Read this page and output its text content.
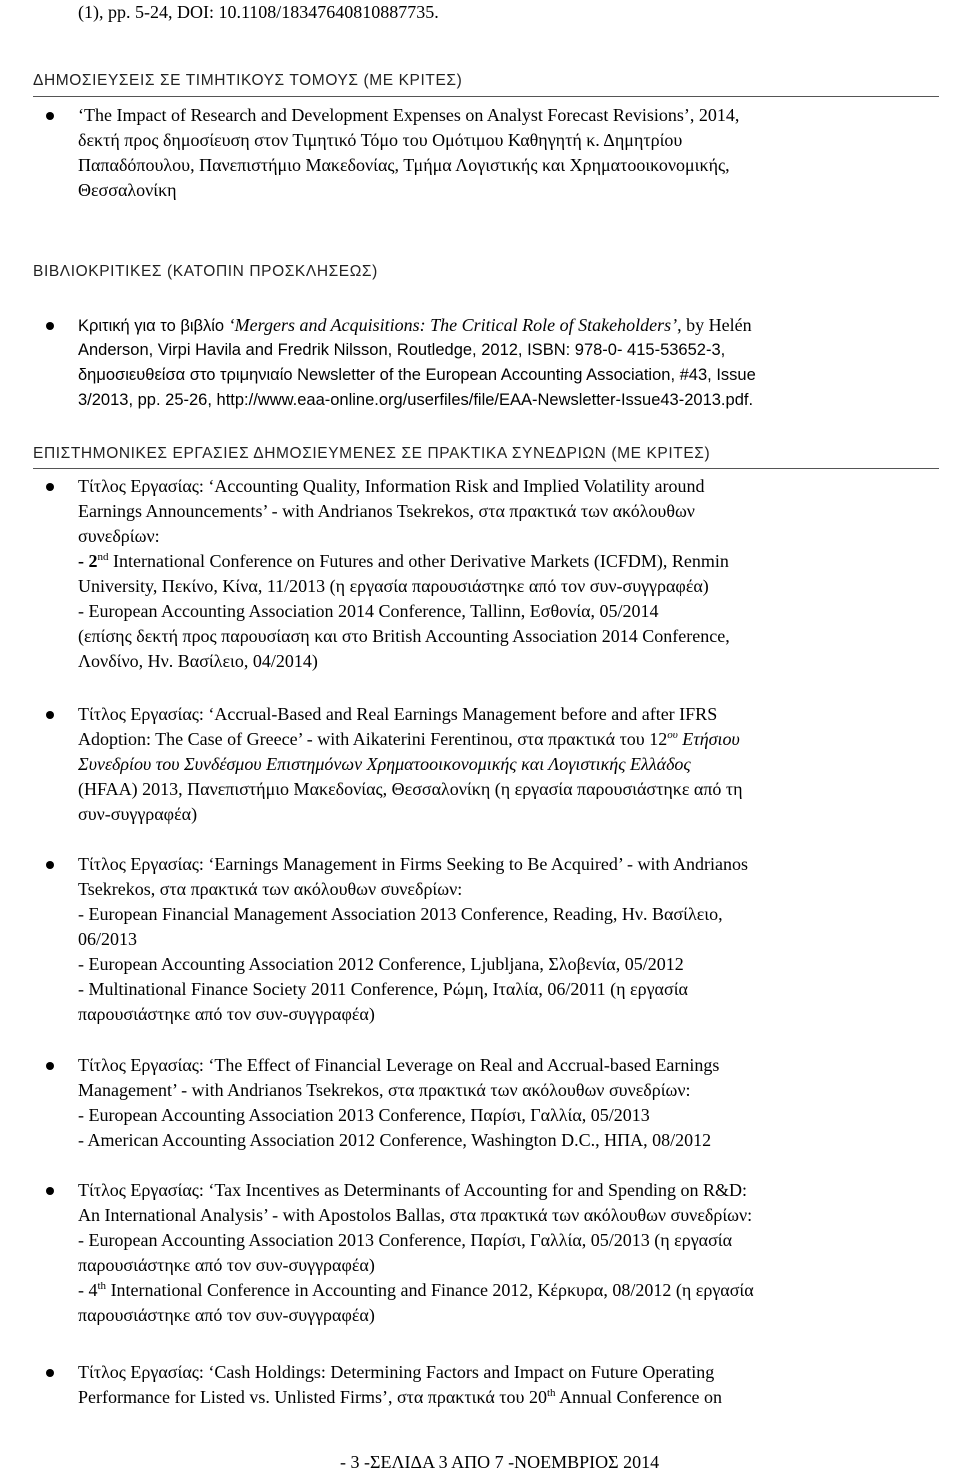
(1), pp. 5-24, DOI: 10.1108/18347640810887735.
ΔΗΜΟΣΙΕΥΣΕΙΣ ΣΕ ΤΙΜΗΤΙΚΟΥΣ ΤΟΜΟΥΣ (ΜΕ ΚΡΙΤΕΣ)
‘The Impact of Research and Development Expenses on Analyst Forecast Revisions’, 2014,
δεκτή προς δημοσίευση στον Τιμητικό Τόμο του Ομότιμου Καθηγητή κ. Δημητρίου
Παπαδόπουλου, Πανεπιστήμιο Μακεδονίας, Τμήμα Λογιστικής και Χρηματοοικονομικής,
Θεσσαλονίκη
ΒΙΒΛΙΟΚΡΙΤΙΚΕΣ (ΚΑΤΟΠΙΝ ΠΡΟΣΚΛΗΣΕΩΣ)
Κριτική για το βιβλίο ‘Mergers and Acquisitions: The Critical Role of Stakeholders’, by Helén
Anderson, Virpi Havila and Fredrik Nilsson, Routledge, 2012, ISBN: 978-0- 415-53652-3,
δημοσιευθείσα στο τριμηνιαίο Newsletter of the European Accounting Association, #43, Issue
3/2013, pp. 25-26, http://www.eaa-online.org/userfiles/file/EAA-Newsletter-Issue43-2013.pdf.
ΕΠΙΣΤΗΜΟΝΙΚΕΣ ΕΡΓΑΣΙΕΣ ΔΗΜΟΣΙΕΥΜΕΝΕΣ ΣΕ ΠΡΑΚΤΙΚΑ ΣΥΝΕΔΡΙΩΝ (ΜΕ ΚΡΙΤΕΣ)
Τίτλος Εργασίας: ‘Accounting Quality, Information Risk and Implied Volatility around
Earnings Announcements’ - with Andrianos Tsekrekos, στα πρακτικά των ακόλουθων
συνεδρίων:
- 2nd International Conference on Futures and other Derivative Markets (ICFDM), Renmin
University, Πεκίνο, Κίνα, 11/2013 (η εργασία παρουσιάστηκε από τον συν-συγγραφέα)
- European Accounting Association 2014 Conference, Tallinn, Εσθονία, 05/2014
(επίσης δεκτή προς παρουσίαση και στο British Accounting Association 2014 Conference,
Λονδίνο, Ην. Βασίλειο, 04/2014)
Τίτλος Εργασίας: ‘Accrual-Based and Real Earnings Management before and after IFRS
Adoption: The Case of Greece’ - with Aikaterini Ferentinou, στα πρακτικά του $12^{o\upsilon}$ Ετήσιου
Συνεδρίου του Συνδέσμου Επιστημόνων Χρηματοοικονομικής και Λογιστικής Ελλάδος
(HFAA) 2013, Πανεπιστήμιο Μακεδονίας, Θεσσαλονίκη (η εργασία παρουσιάστηκε από τη
συν-συγγραφέα)
Τίτλος Εργασίας: ‘Earnings Management in Firms Seeking to Be Acquired’ - with Andrianos
Tsekrekos, στα πρακτικά των ακόλουθων συνεδρίων:
- European Financial Management Association 2013 Conference, Reading, Ην. Βασίλειο,
06/2013
- European Accounting Association 2012 Conference, Ljubljana, Σλοβενία, 05/2012
- Multinational Finance Society 2011 Conference, Ρώμη, Ιταλία, 06/2011 (η εργασία
παρουσιάστηκε από τον συν-συγγραφέα)
Τίτλος Εργασίας: ‘The Effect of Financial Leverage on Real and Accrual-based Earnings
Management’ - with Andrianos Tsekrekos, στα πρακτικά των ακόλουθων συνεδρίων:
- European Accounting Association 2013 Conference, Παρίσι, Γαλλία, 05/2013
- American Accounting Association 2012 Conference, Washington D.C., ΗΠΑ, 08/2012
Τίτλος Εργασίας: ‘Tax Incentives as Determinants of Accounting for and Spending on R&D:
An International Analysis’ - with Apostolos Ballas, στα πρακτικά των ακόλουθων συνεδρίων:
- European Accounting Association 2013 Conference, Παρίσι, Γαλλία, 05/2013 (η εργασία
παρουσιάστηκε από τον συν-συγγραφέα)
- 4th International Conference in Accounting and Finance 2012, Κέρκυρα, 08/2012 (η εργασία
παρουσιάστηκε από τον συν-συγγραφέα)
Τίτλος Εργασίας: ‘Cash Holdings: Determining Factors and Impact on Future Operating
Performance for Listed vs. Unlisted Firms’, στα πρακτικά του 20th Annual Conference on
- 3 -ΣΕΛΙΔΑ 3 ΑΠΟ 7 -ΝΟΕΜΒΡΙΟΣ 2014
